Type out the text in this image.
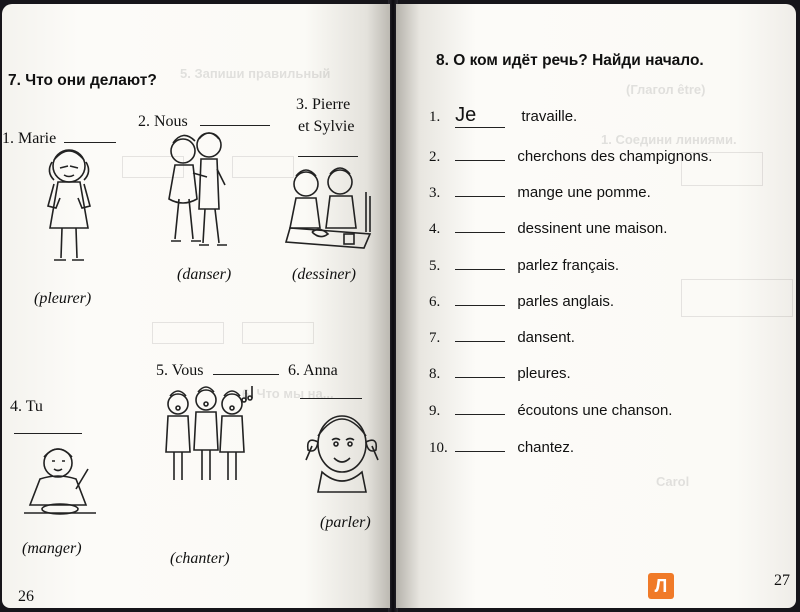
5. Запиши правильный
6. Что мы на...
7. Что они делают?
1. Marie
(pleurer)
2. Nous
(danser)
3. Pierre
et Sylvie
(dessiner)
4. Tu
(manger)
5. Vous
(chanter)
6. Anna
(parler)
26
(Глагол être)
1. Соедини линиями.
Carol
8. О ком идёт речь? Найди начало.
1. Je	travaille.
2.	cherchons des champignons.
3.	mange une pomme.
4.	dessinent une maison.
5.	parlez français.
6.	parles anglais.
7.	dansent.
8.	pleures.
9.	écoutons une chanson.
10.	chantez.
27
Л
